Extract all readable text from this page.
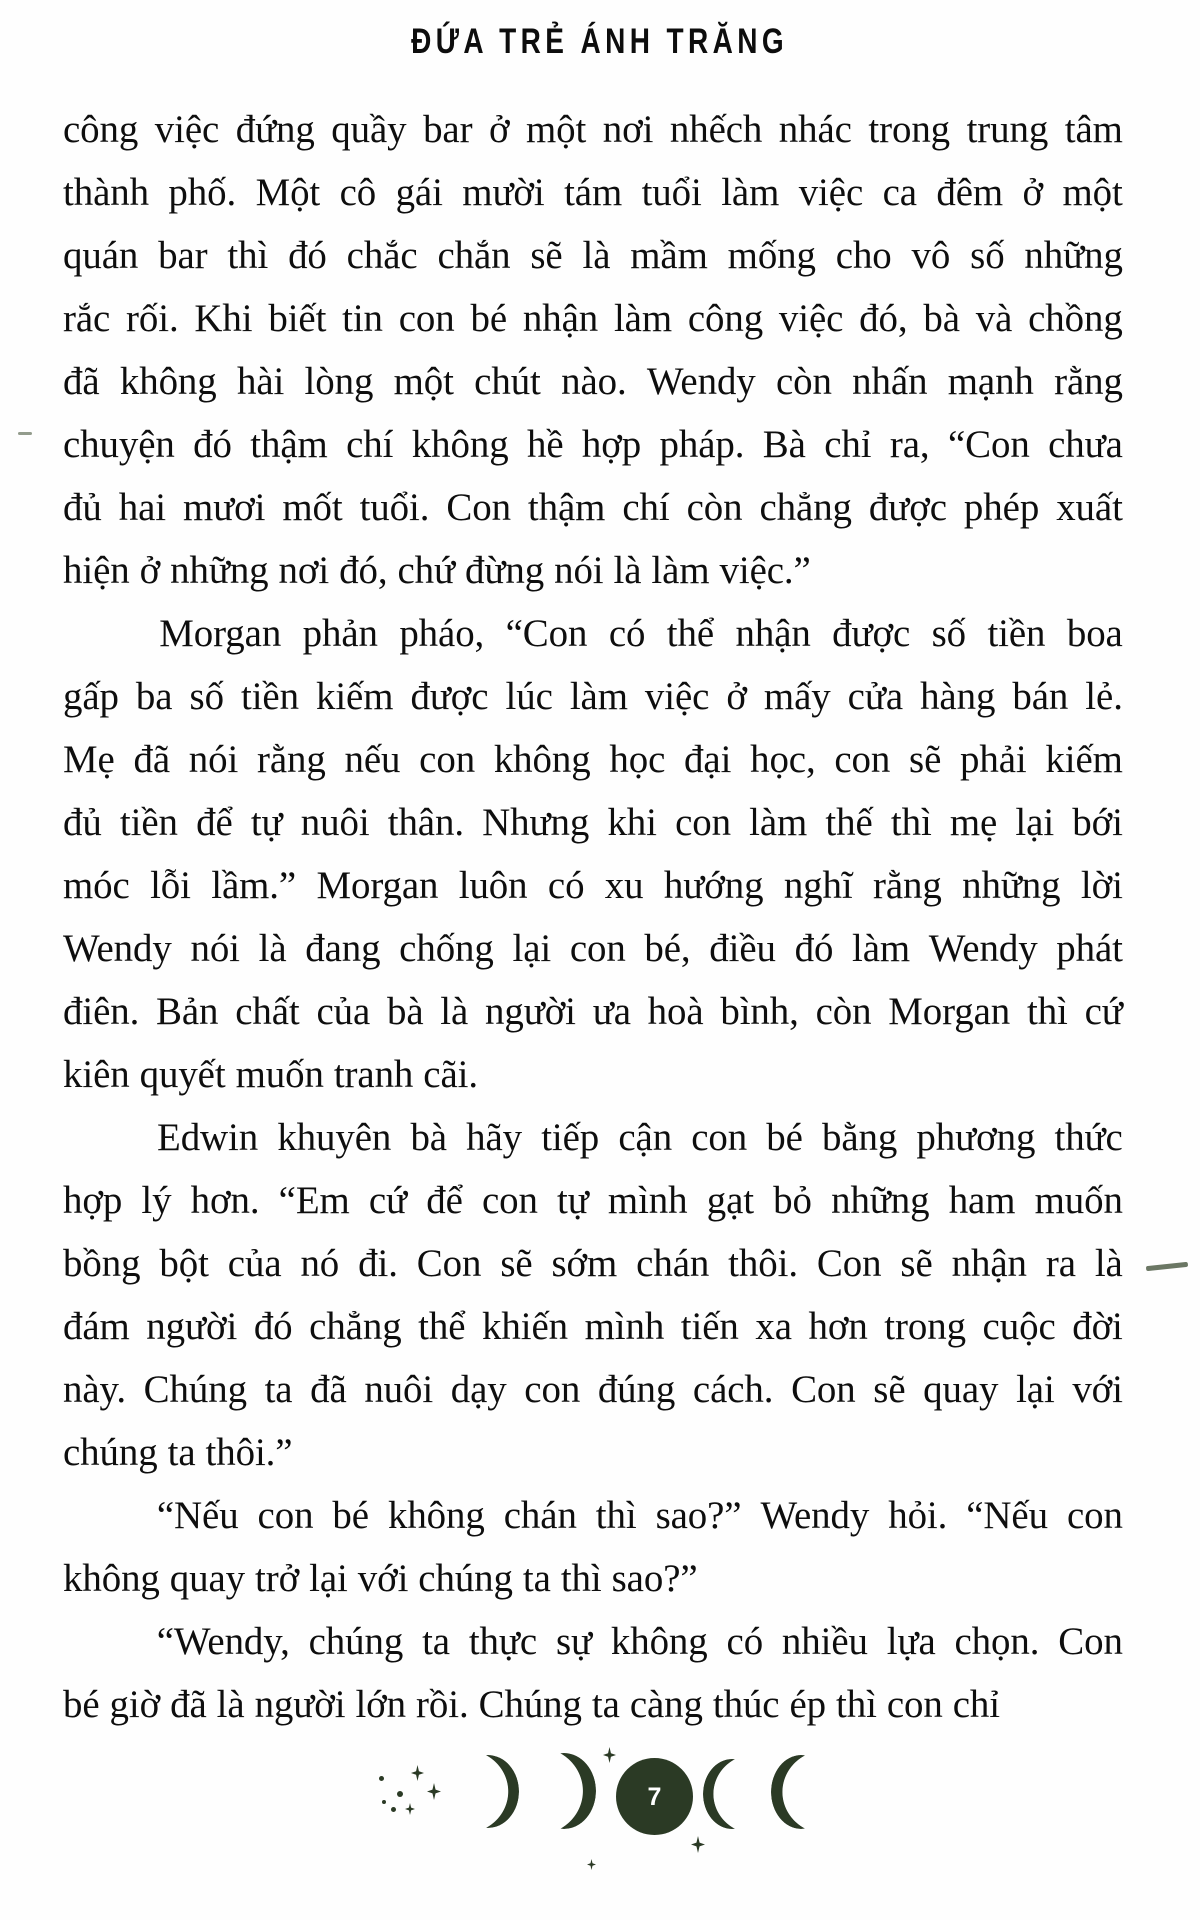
ĐỨA TRẺ ÁNH TRĂNG

công việc đứng quầy bar ở một nơi nhếch nhác trong trung tâm
thành phố. Một cô gái mười tám tuổi làm việc ca đêm ở một
quán bar thì đó chắc chắn sẽ là mầm mống cho vô số những
rắc rối. Khi biết tin con bé nhận làm công việc đó, bà và chồng
đã không hài lòng một chút nào. Wendy còn nhấn mạnh rằng
chuyện đó thậm chí không hề hợp pháp. Bà chỉ ra, “Con chưa
đủ hai mươi mốt tuổi. Con thậm chí còn chẳng được phép xuất
hiện ở những nơi đó, chứ đừng nói là làm việc.”

Morgan phản pháo, “Con có thể nhận được số tiền boa
gấp ba số tiền kiếm được lúc làm việc ở mấy cửa hàng bán lẻ.
Mẹ đã nói rằng nếu con không học đại học, con sẽ phải kiếm
đủ tiền để tự nuôi thân. Nhưng khi con làm thế thì mẹ lại bới
móc lỗi lầm.” Morgan luôn có xu hướng nghĩ rằng những lời
Wendy nói là đang chống lại con bé, điều đó làm Wendy phát
điên. Bản chất của bà là người ưa hoà bình, còn Morgan thì cứ
kiên quyết muốn tranh cãi.

Edwin khuyên bà hãy tiếp cận con bé bằng phương thức
hợp lý hơn. “Em cứ để con tự mình gạt bỏ những ham muốn
bồng bột của nó đi. Con sẽ sớm chán thôi. Con sẽ nhận ra là
đám người đó chẳng thể khiến mình tiến xa hơn trong cuộc đời
này. Chúng ta đã nuôi dạy con đúng cách. Con sẽ quay lại với
chúng ta thôi.”

“Nếu con bé không chán thì sao?” Wendy hỏi. “Nếu con
không quay trở lại với chúng ta thì sao?”

“Wendy, chúng ta thực sự không có nhiều lựa chọn. Con
bé giờ đã là người lớn rồi. Chúng ta càng thúc ép thì con chỉ

7
